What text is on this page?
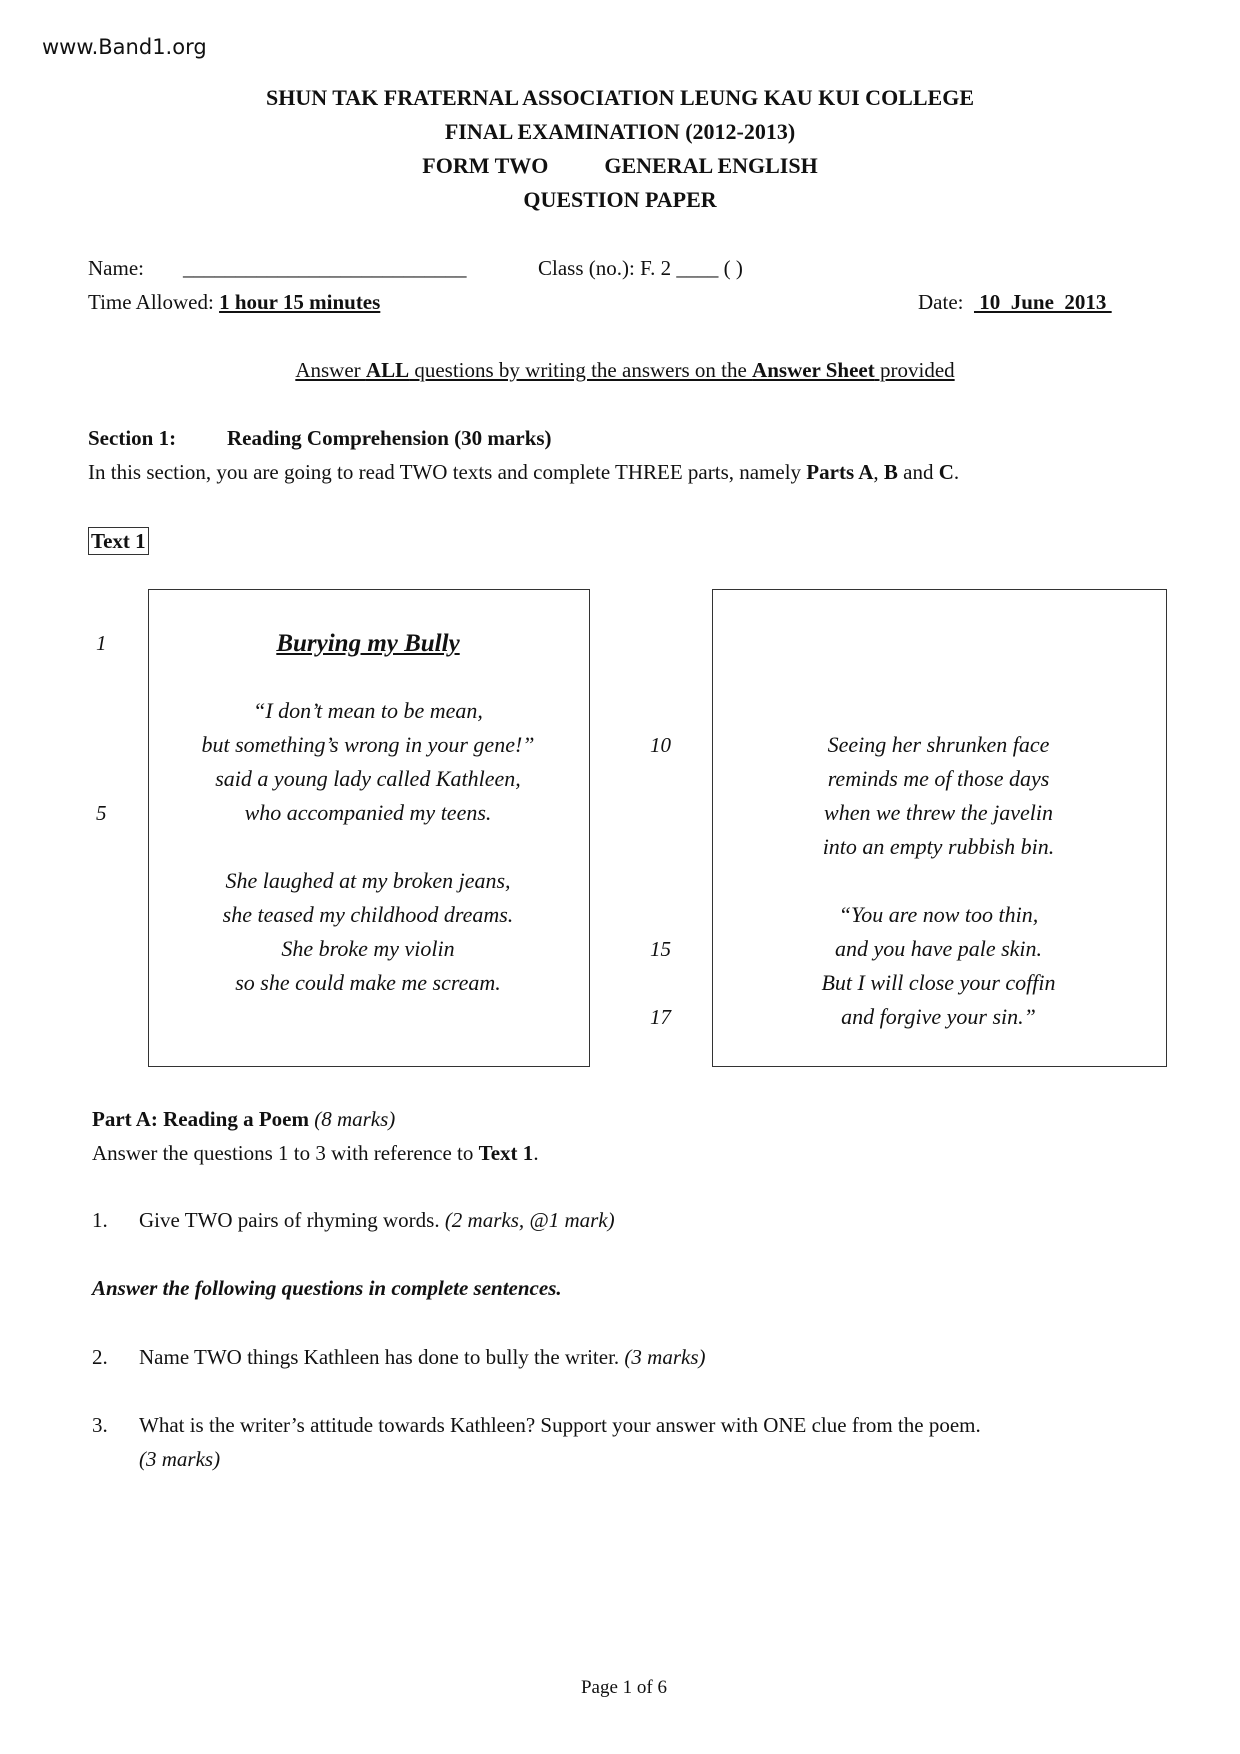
www.Band1.org
SHUN TAK FRATERNAL ASSOCIATION LEUNG KAU KUI COLLEGE
FINAL EXAMINATION (2012-2013)
FORM TWO	GENERAL ENGLISH
QUESTION PAPER
Name: ___________________________	Class (no.): F. 2 ____ ( )
Time Allowed: 1 hour 15 minutes	Date:   10  June  2013
Answer ALL questions by writing the answers on the Answer Sheet provided
Section 1: Reading Comprehension (30 marks)
In this section, you are going to read TWO texts and complete THREE parts, namely Parts A, B and C.
Text 1
Burying my Bully
“I don’t mean to be mean,
but something’s wrong in your gene!”
said a young lady called Kathleen,
who accompanied my teens.
She laughed at my broken jeans,
she teased my childhood dreams.
She broke my violin
so she could make me scream.
Seeing her shrunken face
reminds me of those days
when we threw the javelin
into an empty rubbish bin.
“You are now too thin,
and you have pale skin.
But I will close your coffin
and forgive your sin.”
1
5
10
15
17
Part A: Reading a Poem (8 marks)
Answer the questions 1 to 3 with reference to Text 1.
1. Give TWO pairs of rhyming words. (2 marks, @1 mark)
Answer the following questions in complete sentences.
2. Name TWO things Kathleen has done to bully the writer. (3 marks)
3. What is the writer’s attitude towards Kathleen? Support your answer with ONE clue from the poem.
(3 marks)
Page 1 of 6
